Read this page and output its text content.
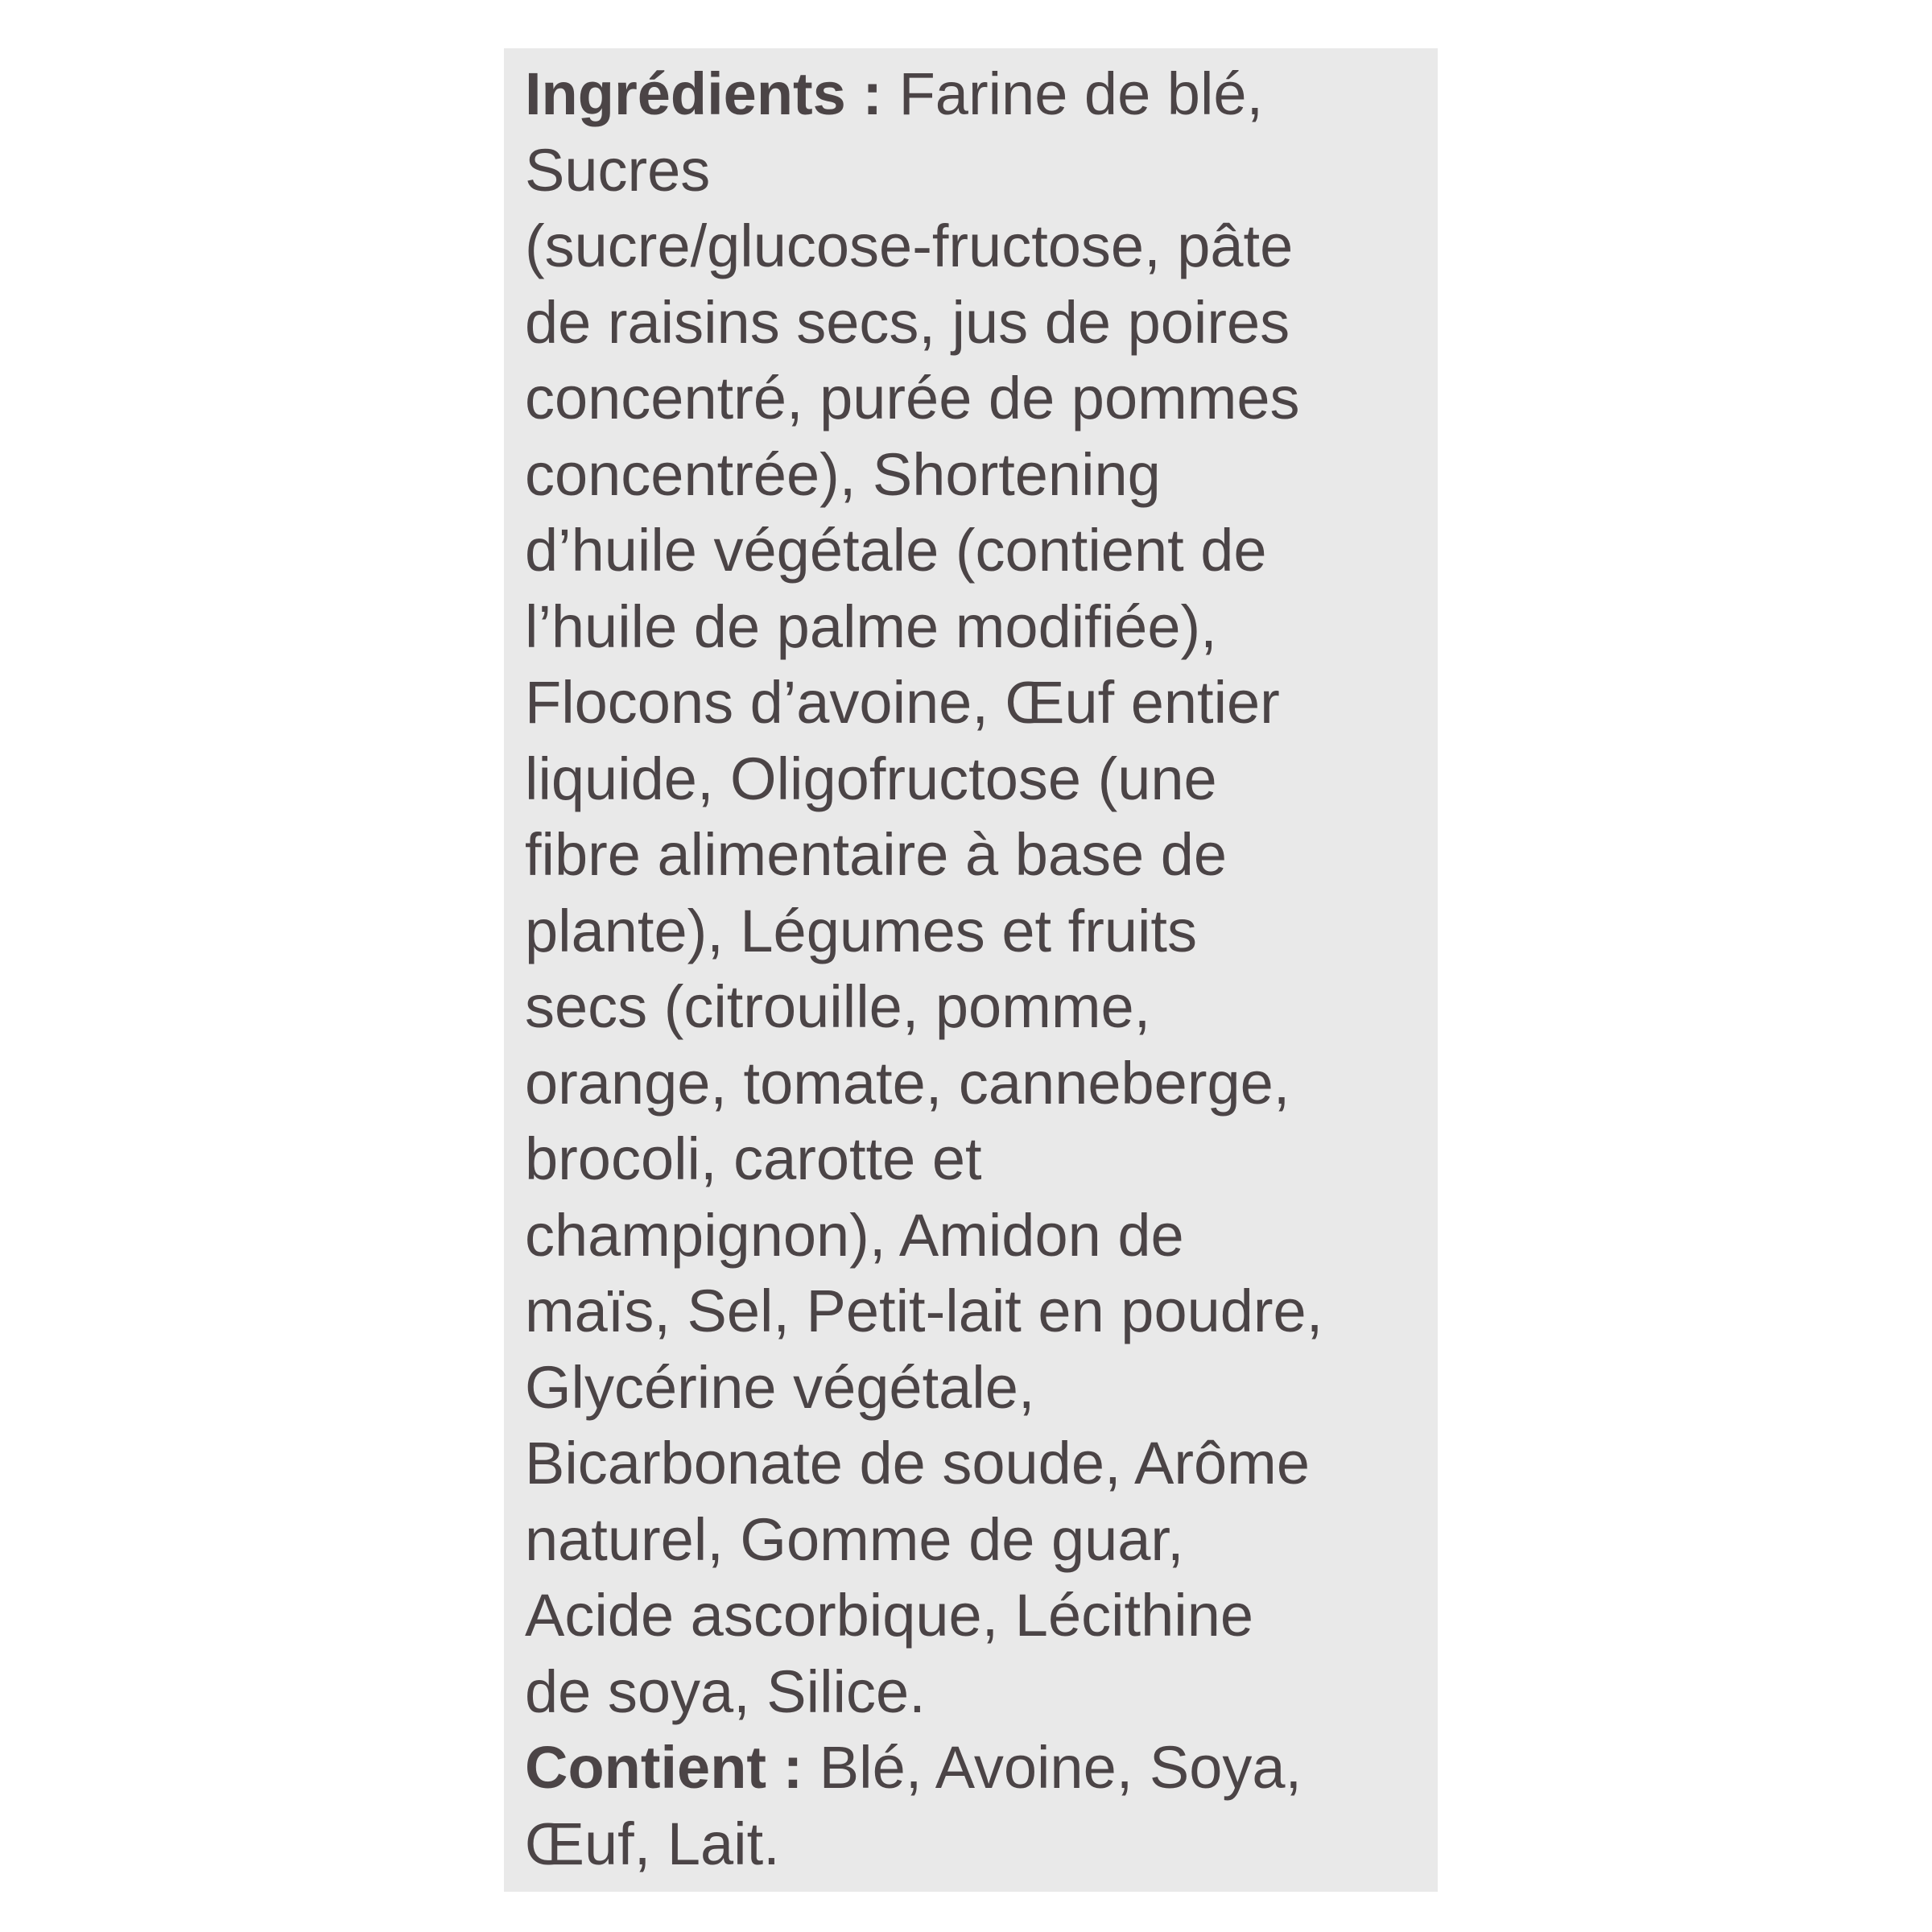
Ingrédients : Farine de blé,
Sucres
(sucre/glucose-fructose, pâte
de raisins secs, jus de poires
concentré, purée de pommes
concentrée), Shortening
d’huile végétale (contient de
l’huile de palme modifiée),
Flocons d’avoine, Œuf entier
liquide, Oligofructose (une
fibre alimentaire à base de
plante), Légumes et fruits
secs (citrouille, pomme,
orange, tomate, canneberge,
brocoli, carotte et
champignon), Amidon de
maïs, Sel, Petit-lait en poudre,
Glycérine végétale,
Bicarbonate de soude, Arôme
naturel, Gomme de guar,
Acide ascorbique, Lécithine
de soya, Silice.
Contient : Blé, Avoine, Soya,
Œuf, Lait.
